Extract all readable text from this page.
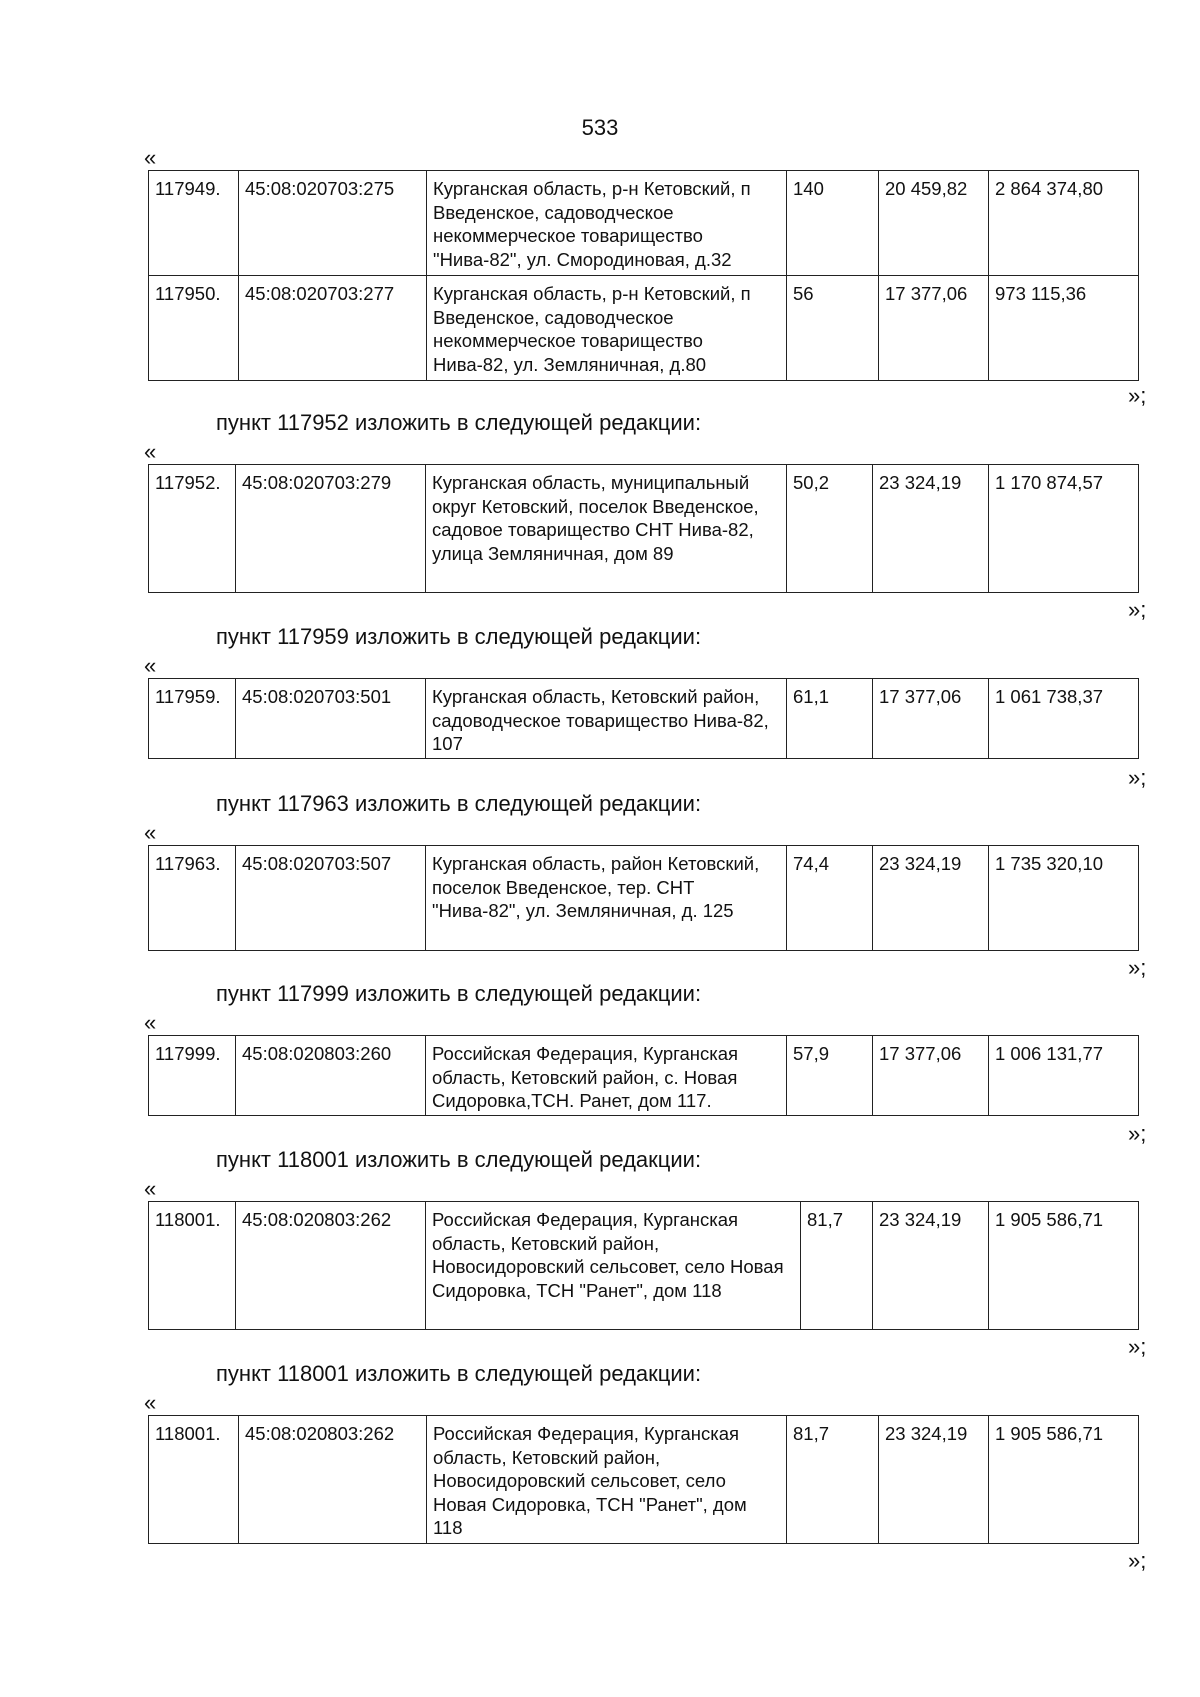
533
«
117949.	45:08:020703:275	Курганская область, р-н Кетовский, п Введенское, садоводческое некоммерческое товарищество "Нива-82", ул. Смородиновая, д.32	140	20 459,82	2 864 374,80
117950.	45:08:020703:277	Курганская область, р-н Кетовский, п Введенское, садоводческое некоммерческое товарищество Нива-82, ул. Земляничная, д.80	56	17 377,06	973 115,36
»;
пункт 117952 изложить в следующей редакции:
«
117952.	45:08:020703:279	Курганская область, муниципальный округ Кетовский, поселок Введенское, садовое товарищество СНТ Нива-82, улица Земляничная, дом 89	50,2	23 324,19	1 170 874,57
»;
пункт 117959 изложить в следующей редакции:
«
117959.	45:08:020703:501	Курганская область, Кетовский район, садоводческое товарищество Нива-82, 107	61,1	17 377,06	1 061 738,37
»;
пункт 117963 изложить в следующей редакции:
«
117963.	45:08:020703:507	Курганская область, район Кетовский, поселок Введенское, тер. СНТ "Нива-82", ул. Земляничная, д. 125	74,4	23 324,19	1 735 320,10
»;
пункт 117999 изложить в следующей редакции:
«
117999.	45:08:020803:260	Российская Федерация, Курганская область, Кетовский район, с. Новая Сидоровка,ТСН. Ранет, дом 117.	57,9	17 377,06	1 006 131,77
»;
пункт 118001 изложить в следующей редакции:
«
118001.	45:08:020803:262	Российская Федерация, Курганская область, Кетовский район, Новосидоровский сельсовет, село Новая Сидоровка, ТСН "Ранет", дом 118	81,7	23 324,19	1 905 586,71
»;
пункт 118001 изложить в следующей редакции:
«
118001.	45:08:020803:262	Российская Федерация, Курганская область, Кетовский район, Новосидоровский сельсовет, село Новая Сидоровка, ТСН "Ранет", дом 118	81,7	23 324,19	1 905 586,71
»;
